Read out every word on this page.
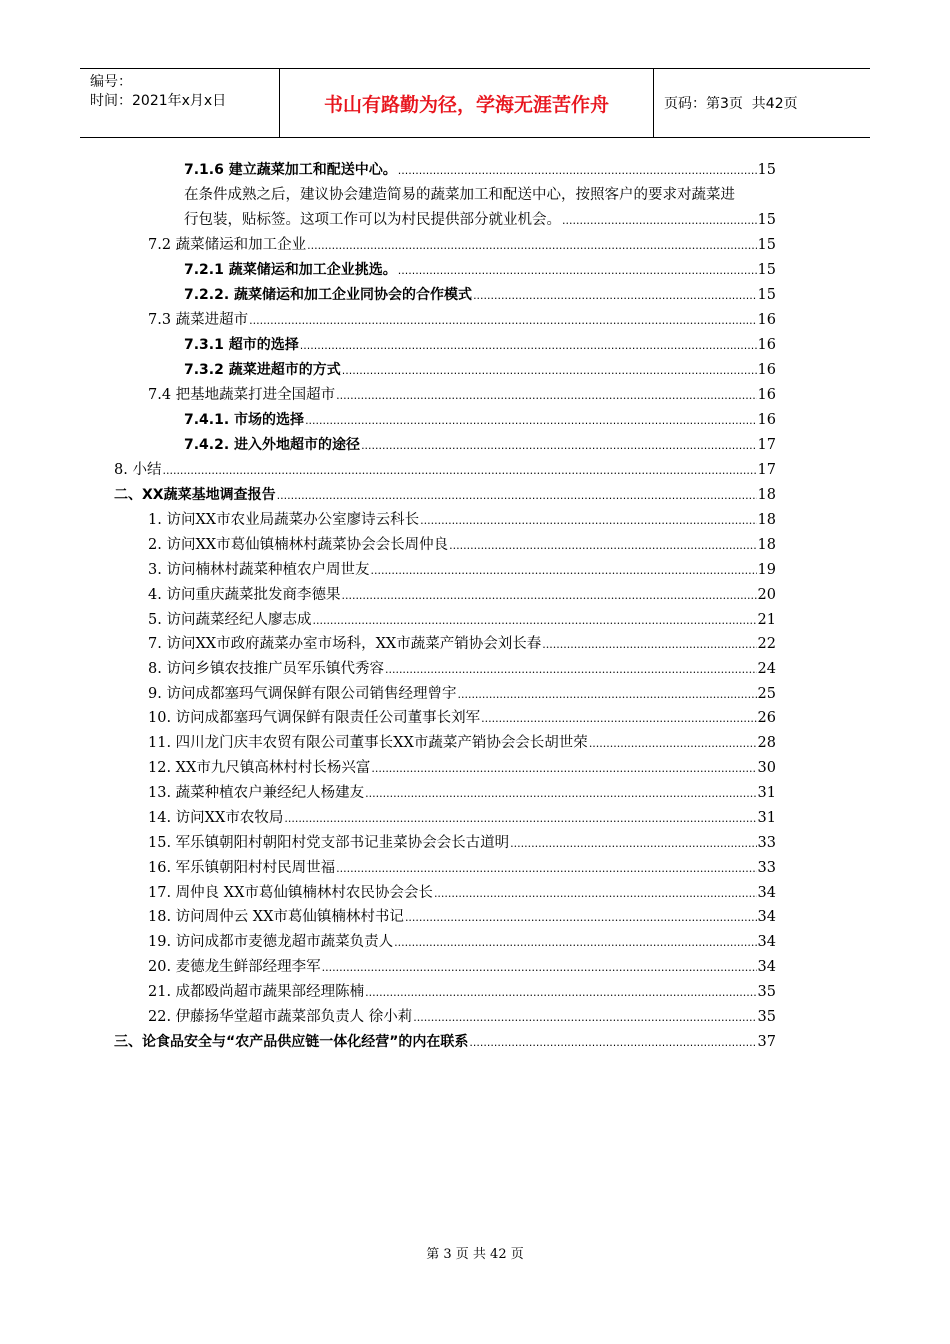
编号：
时间：2021年x月x日	书山有路勤为径，学海无涯苦作舟	页码：第3页  共42页
7.1.6 建立蔬菜加工和配送中心。 .....	15
在条件成熟之后，建议协会建造简易的蔬菜加工和配送中心，按照客户的要求对蔬菜进
行包装，贴标签。这项工作可以为村民提供部分就业机会。 .....	15
7.2 蔬菜储运和加工企业 .....	15
7.2.1 蔬菜储运和加工企业挑选。 .....	15
7.2.2. 蔬菜储运和加工企业同协会的合作模式 .....	15
7.3 蔬菜进超市 .....	16
7.3.1 超市的选择 .....	16
7.3.2 蔬菜进超市的方式 .....	16
7.4 把基地蔬菜打进全国超市 .....	16
7.4.1. 市场的选择 .....	16
7.4.2. 进入外地超市的途径 .....	17
8. 小结 .....	17
二、XX蔬菜基地调查报告 .....	18
1. 访问XX市农业局蔬菜办公室廖诗云科长 .....	18
2. 访问XX市葛仙镇楠林村蔬菜协会会长周仲良 .....	18
3. 访问楠林村蔬菜种植农户周世友 .....	19
4. 访问重庆蔬菜批发商李德果 .....	20
5. 访问蔬菜经纪人廖志成 .....	21
7. 访问XX市政府蔬菜办室市场科，XX市蔬菜产销协会刘长春 .....	22
8. 访问乡镇农技推广员军乐镇代秀容 .....	24
9. 访问成都塞玛气调保鲜有限公司销售经理曾宇 .....	25
10. 访问成都塞玛气调保鲜有限责任公司董事长刘军 .....	26
11. 四川龙门庆丰农贸有限公司董事长XX市蔬菜产销协会会长胡世荣 .....	28
12. XX市九尺镇高林村村长杨兴富 .....	30
13. 蔬菜种植农户兼经纪人杨建友 .....	31
14. 访问XX市农牧局 .....	31
15. 军乐镇朝阳村朝阳村党支部书记韭菜协会会长古道明 .....	33
16. 军乐镇朝阳村村民周世福 .....	33
17. 周仲良 XX市葛仙镇楠林村农民协会会长 .....	34
18. 访问周仲云 XX市葛仙镇楠林村书记 .....	34
19. 访问成都市麦德龙超市蔬菜负责人 .....	34
20. 麦德龙生鲜部经理李军 .....	34
21. 成都殴尚超市蔬果部经理陈楠 .....	35
22. 伊藤扬华堂超市蔬菜部负责人 徐小莉 .....	35
三、论食品安全与“农产品供应链一体化经营”的内在联系 .....	37
第 3 页 共 42 页
